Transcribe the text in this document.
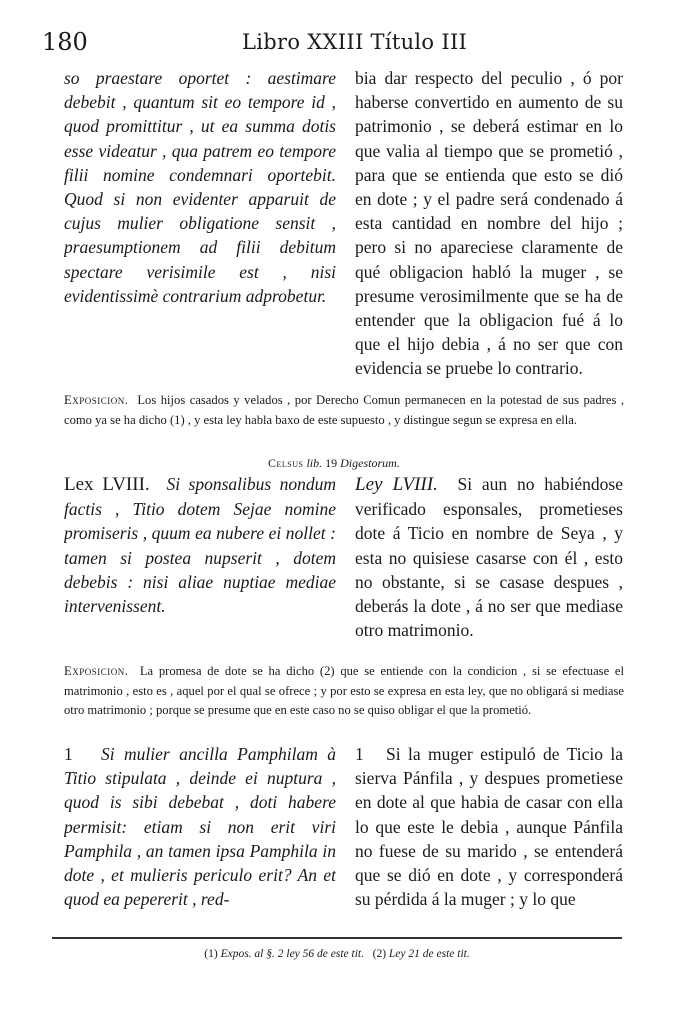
180	Libro XXIII Título III
so praestare oportet : aestimare debebit , quantum sit eo tempore id , quod promittitur , ut ea summa dotis esse videatur , qua patrem eo tempore filii nomine condemnari oportebit. Quod si non evidenter apparuit de cujus mulier obligatione sensit , praesumptionem ad filii debitum spectare verisimile est , nisi evidentissimè contrarium adprobetur.
bia dar respecto del peculio , ó por haberse convertido en aumento de su patrimonio , se deberá estimar en lo que valia al tiempo que se prometió , para que se entienda que esto se dió en dote ; y el padre será condenado á esta cantidad en nombre del hijo ; pero si no apareciese claramente de qué obligacion habló la muger , se presume verosimilmente que se ha de entender que la obligacion fué á lo que el hijo debia , á no ser que con evidencia se pruebe lo contrario.
Exposicion. Los hijos casados y velados , por Derecho Comun permanecen en la potestad de sus padres , como ya se ha dicho (1) , y esta ley habla baxo de este supuesto , y distingue segun se expresa en ella.
Celsus lib. 19 Digestorum.
Lex LVIII. Si sponsalibus nondum factis , Titio dotem Sejae nomine promiseris , quum ea nubere ei nollet : tamen si postea nupserit , dotem debebis : nisi aliae nuptiae mediae intervenissent.
Ley LVIII. Si aun no habiéndose verificado esponsales, prometieses dote á Ticio en nombre de Seya , y esta no quisiese casarse con él , esto no obstante, si se casase despues , deberás la dote , á no ser que mediase otro matrimonio.
Exposicion. La promesa de dote se ha dicho (2) que se entiende con la condicion , si se efectuase el matrimonio , esto es , aquel por el qual se ofrece ; y por esto se expresa en esta ley, que no obligará si mediase otro matrimonio ; porque se presume que en este caso no se quiso obligar el que la prometió.
1 Si mulier ancilla Pamphilam à Titio stipulata , deinde ei nuptura , quod is sibi debebat , doti habere permisit: etiam si non erit viri Pamphila , an tamen ipsa Pamphila in dote , et mulieris periculo erit? An et quod ea pepererit , red-
1 Si la muger estipuló de Ticio la sierva Pánfila , y despues prometiese en dote al que habia de casar con ella lo que este le debia , aunque Pánfila no fuese de su marido , se entenderá que se dió en dote , y corresponderá su pérdida á la muger ; y lo que
(1) Expos. al §. 2 ley 56 de este tit. (2) Ley 21 de este tit.
